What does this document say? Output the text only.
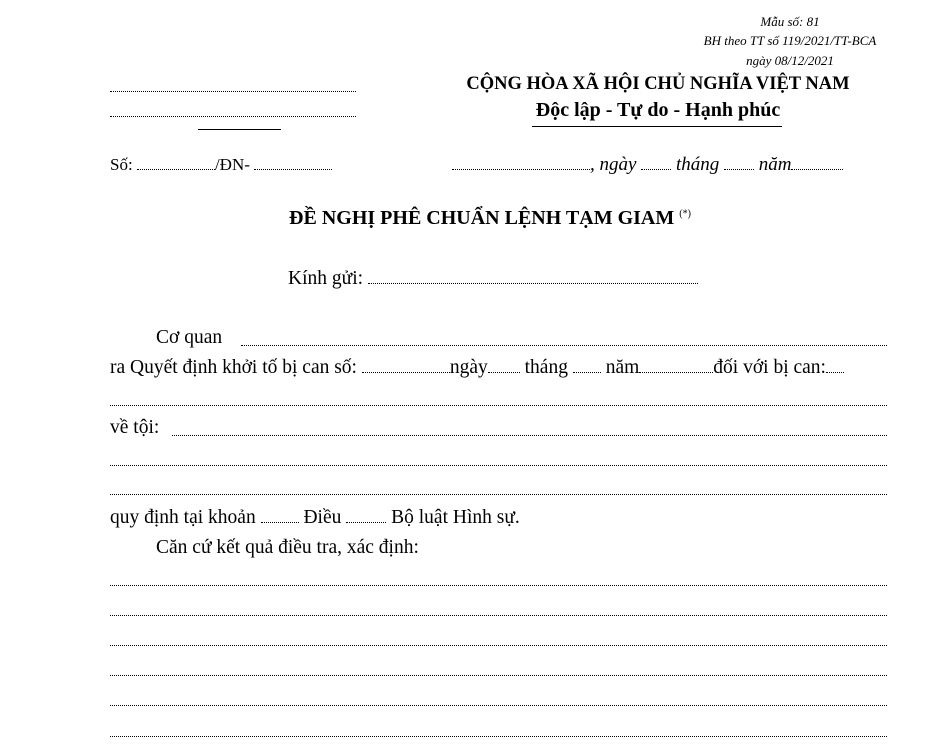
Mẫu số: 81
BH theo TT số 119/2021/TT-BCA
ngày 08/12/2021
CỘNG HÒA XÃ HỘI CHỦ NGHĨA VIỆT NAM
Độc lập - Tự do - Hạnh phúc
Số:	/ĐN-	, ngày tháng năm
ĐỀ NGHỊ PHÊ CHUẨN LỆNH TẠM GIAM (*)
Kính gửi:
Cơ quan
ra Quyết định khởi tố bị can số:	ngày tháng năm	đối với bị can:
về tội:
quy định tại khoản Điều	Bộ luật Hình sự.
Căn cứ kết quả điều tra, xác định:
